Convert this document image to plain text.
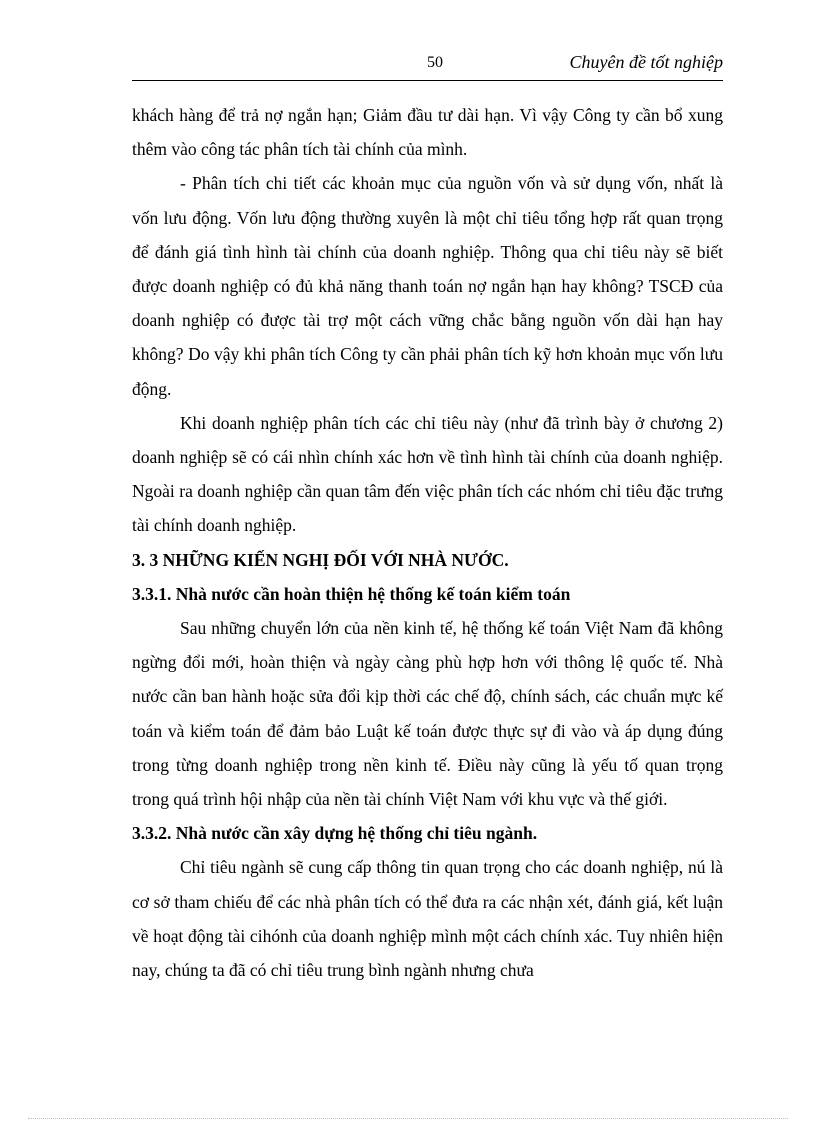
50	Chuyên đề tốt nghiệp

khách hàng để trả nợ ngắn hạn; Giảm đầu tư dài hạn. Vì vậy Công ty cần bổ xung thêm vào công tác phân tích tài chính của mình.

- Phân tích chi tiết các khoản mục của nguồn vốn và sử dụng vốn, nhất là vốn lưu động. Vốn lưu động thường xuyên là một chỉ tiêu tổng hợp rất quan trọng để đánh giá tình hình tài chính của doanh nghiệp. Thông qua chỉ tiêu này sẽ biết được doanh nghiệp có đủ khả năng thanh toán nợ ngắn hạn hay không? TSCĐ của doanh nghiệp có được tài trợ một cách vững chắc bằng nguồn vốn dài hạn hay không? Do vậy khi phân tích Công ty cần phải phân tích kỹ hơn khoản mục vốn lưu động.

Khi doanh nghiệp phân tích các chỉ tiêu này (như đã trình bày ở chương 2) doanh nghiệp sẽ có cái nhìn chính xác hơn về tình hình tài chính của doanh nghiệp. Ngoài ra doanh nghiệp cần quan tâm đến việc phân tích các nhóm chỉ tiêu đặc trưng tài chính doanh nghiệp.

3. 3 NHỮNG KIẾN NGHỊ ĐỐI VỚI NHÀ NƯỚC.
3.3.1. Nhà nước cần hoàn thiện hệ thống kế toán kiểm toán

Sau những chuyển lớn của nền kinh tế, hệ thống kế toán Việt Nam đã không ngừng đổi mới, hoàn thiện và ngày càng phù hợp hơn với thông lệ quốc tế. Nhà nước cần ban hành hoặc sửa đổi kịp thời các chế độ, chính sách, các chuẩn mực kế toán và kiểm toán để đảm bảo Luật kế toán được thực sự đi vào và áp dụng đúng trong từng doanh nghiệp trong nền kinh tế. Điều này cũng là yếu tố quan trọng trong quá trình hội nhập của nền tài chính Việt Nam với khu vực và thế giới.

3.3.2. Nhà nước cần xây dựng hệ thống chỉ tiêu ngành.

Chỉ tiêu ngành sẽ cung cấp thông tin quan trọng cho các doanh nghiệp, nú là cơ sở tham chiếu để các nhà phân tích có thể đưa ra các nhận xét, đánh giá, kết luận về hoạt động tài cihónh của doanh nghiệp mình một cách chính xác. Tuy nhiên hiện nay, chúng ta đã có chỉ tiêu trung bình ngành nhưng chưa
